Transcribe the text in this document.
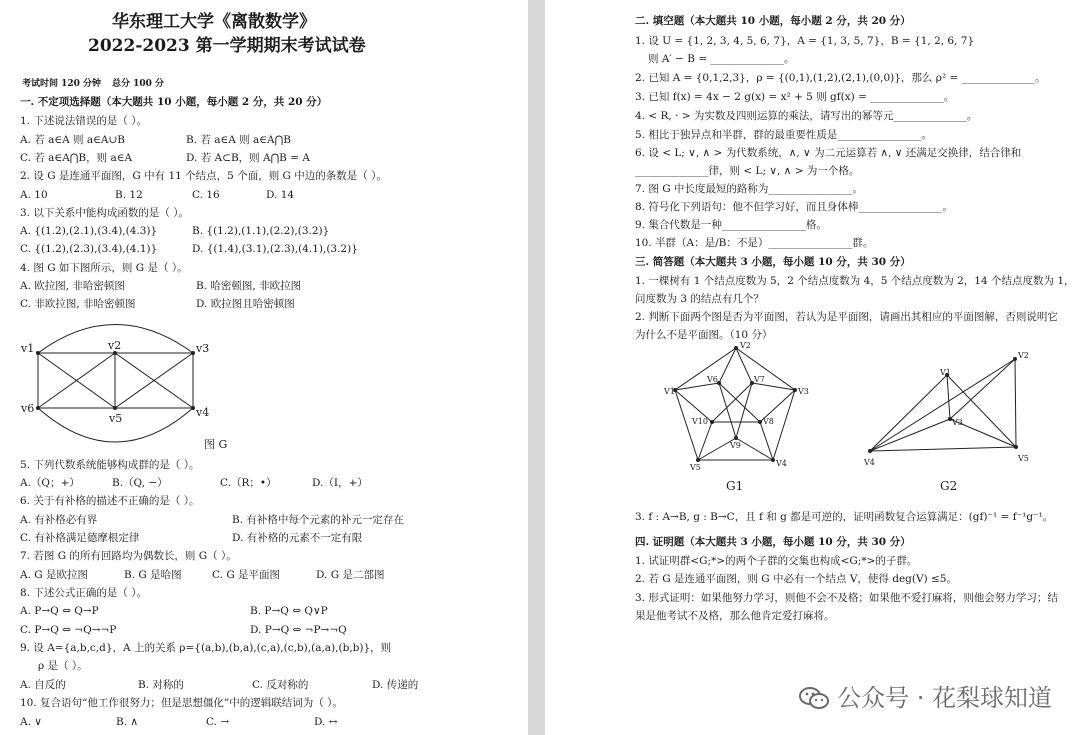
华东理工大学《离散数学》
2022-2023 第一学期期末考试试卷
考试时间 120 分钟 总分 100 分
一. 不定项选择题（本大题共 10 小题，每小题 2 分，共 20 分）
1. 下述说法错误的是（ ）。
A. 若 a∈A 则 a∈A∪B	B. 若 a∈A 则 a∈A⋂B
C. 若 a∈A⋂B，则 a∈A	D. 若 A⊂B，则 A⋂B = A
2. 设 G 是连通平面图，G 中有 11 个结点，5 个面，则 G 中边的条数是（ ）。
A. 10	B. 12	C. 16	D. 14
3. 以下关系中能构成函数的是（ ）。
A. {(1.2),(2.1),(3.4),(4.3)}	B. {(1.2),(1.1),(2.2),(3.2)}
C. {(1.2),(2.3),(3.4),(4.1)}	D. {(1.4),(3.1),(2.3),(4.1),(3.2)}
4. 图 G 如下图所示，则 G 是（ ）。
A. 欧拉图, 非哈密顿图	B. 哈密顿图, 非欧拉图
C. 非欧拉图, 非哈密顿图	D. 欧拉图且哈密顿图
v1	v2	v3
v6
v5	v4
图 G
5. 下列代数系统能够构成群的是（ ）。
A.（Q；+）	B.（Q, −）	C.（R；•）	D.（I，+）
6. 关于有补格的描述不正确的是（ ）。
A. 有补格必有界	B. 有补格中每个元素的补元一定存在
C. 有补格满足德摩根定律	D. 有补格的元素不一定有限
7. 若图 G 的所有回路均为偶数长，则 G（ ）。
A. G 是欧拉图	B. G 是哈图	C. G 是平面图	D. G 是二部图
8. 下述公式正确的是（ ）。
A. P→Q ⇔ Q→P	B. P→Q ⇔ Q∨P
C. P→Q ⇔ ¬Q→¬P	D. P→Q ⇔ ¬P→¬Q
9. 设 A={a,b,c,d}，A 上的关系 ρ={(a,b),(b,a),(c,a),(c,b),(a,a),(b,b)}，则
ρ 是（ ）。
A. 自反的	B. 对称的	C. 反对称的	D. 传递的
10. 复合语句“他工作很努力；但是思想僵化”中的逻辑联结词为（ ）。
A. ∨	B. ∧	C. →	D. ↔
二. 填空题（本大题共 10 小题，每小题 2 分，共 20 分）
1. 设 U = {1, 2, 3, 4, 5, 6, 7}，A = {1, 3, 5, 7}，B = {1, 2, 6, 7}
则 A′ − B = ______________。
2. 已知 A = {0,1,2,3}，ρ = {(0,1),(1,2),(2,1),(0,0)}，那么 ρ² = ______________。
3. 已知 f(x) = 4x − 2 g(x) = x² + 5 则 gf(x) = ______________。
4. < R, · > 为实数及四则运算的乘法，请写出的幂等元______________。
5. 相比于独异点和半群，群的最重要性质是________________。
6. 设 < L; ∨, ∧ > 为代数系统，∧, ∨ 为二元运算若 ∧, ∨ 还满足交换律，结合律和
______________律，则 < L; ∨, ∧ > 为一个格。
7. 图 G 中长度最短的路称为________________。
8. 符号化下列语句：他不但学习好，而且身体棒________________。
9. 集合代数是一种________________格。
10. 半群（A：是/B：不是）________________群。
三. 简答题（本大题共 3 小题，每小题 10 分，共 30 分）
1. 一棵树有 1 个结点度数为 5，2 个结点度数为 4，5 个结点度数为 2，14 个结点度数为 1，
问度数为 3 的结点有几个？
2. 判断下面两个图是否为平面图，若认为是平面图，请画出其相应的平面图解，否则说明它
为什么不是平面图。（10 分）
V2
V6	V7
V1	V3
V10	V8
V9
V5	V4
G1
V1
V2
V3
V4	V5
G2
3. f : A→B, g : B→C，且 f 和 g 都是可逆的，证明函数复合运算满足：(gf)⁻¹ = f⁻¹g⁻¹。
四. 证明题（本大题共 3 小题，每小题 10 分，共 30 分）
1. 试证明群<G;*>的两个子群的交集也构成<G;*>的子群。
2. 若 G 是连通平面图，则 G 中必有一个结点 V，使得 deg(V) ≤5。
3. 形式证明：如果他努力学习，则他不会不及格；如果他不爱打麻将，则他会努力学习；结
果是他考试不及格，那么他肯定爱打麻将。
公众号 · 花梨球知道
